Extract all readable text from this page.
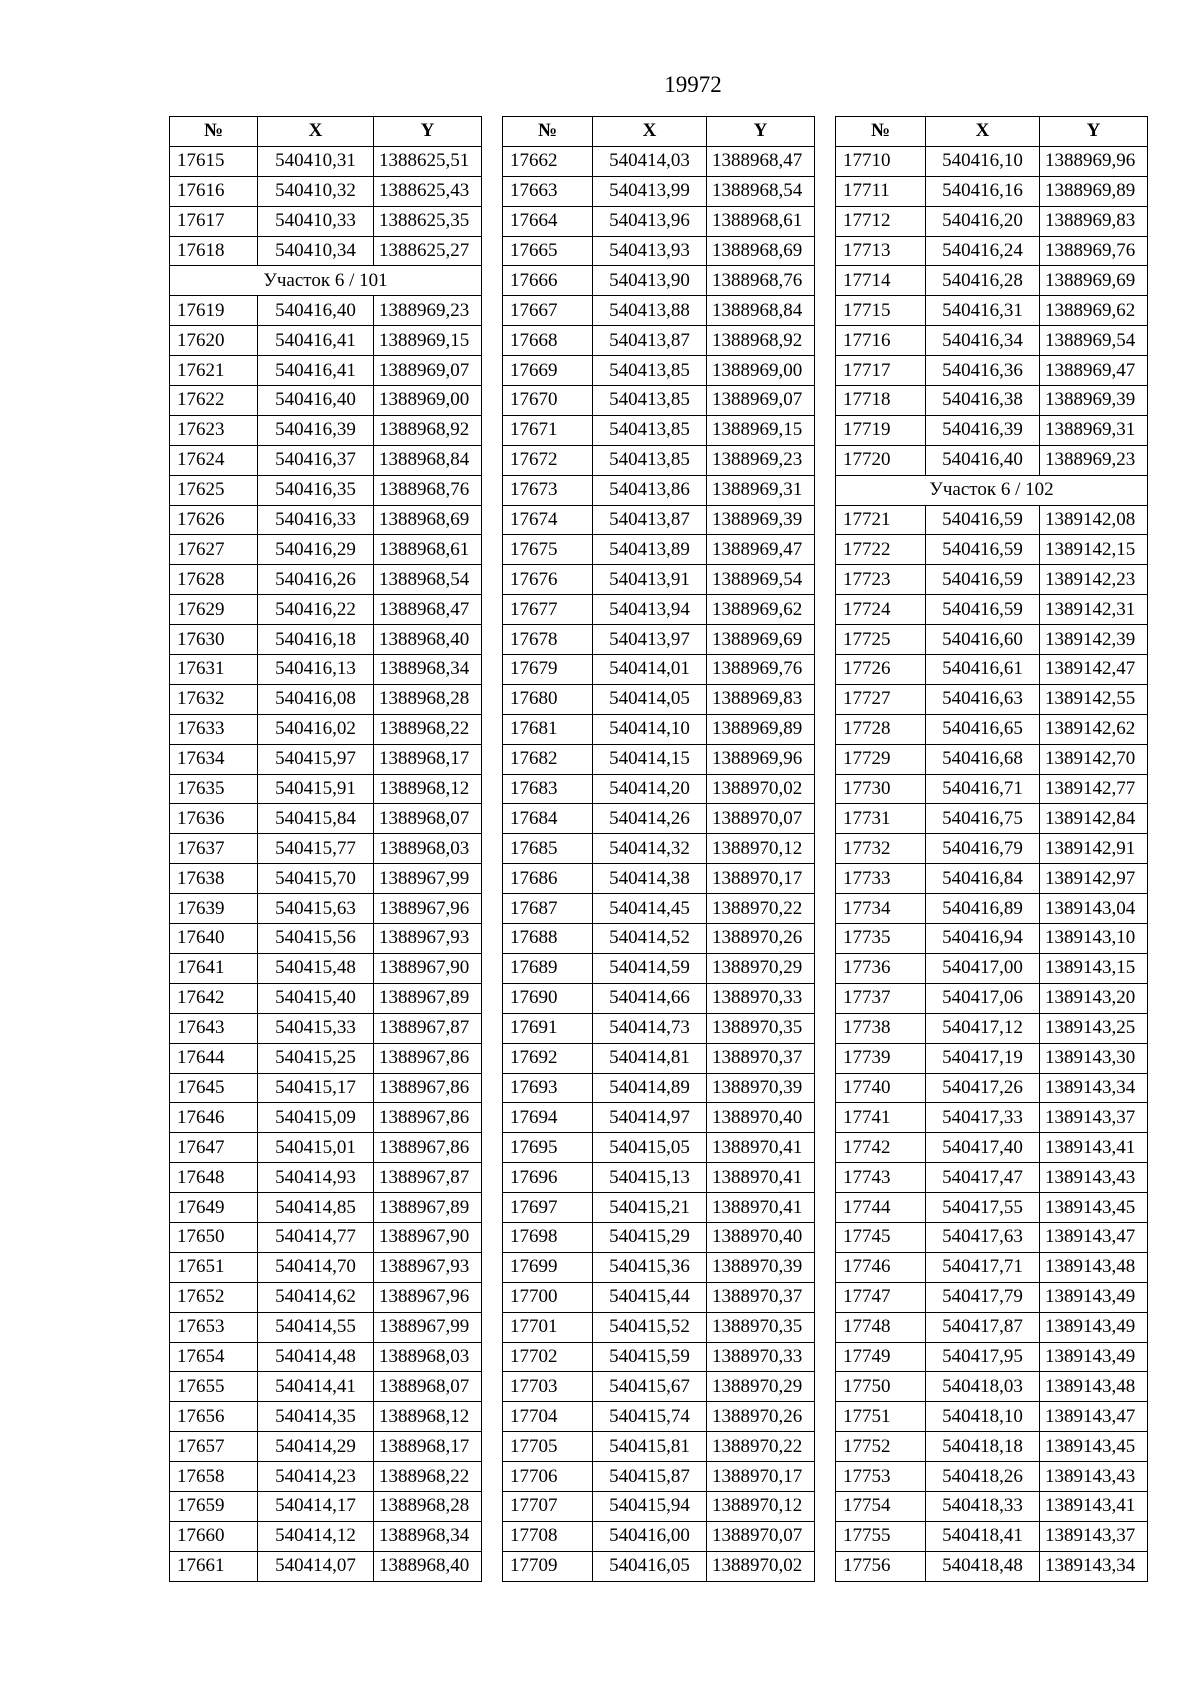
19972
№	X	Y
17615	540410,31	1388625,51
17616	540410,32	1388625,43
17617	540410,33	1388625,35
17618	540410,34	1388625,27
Участок 6 / 101		
17619	540416,40	1388969,23
17620	540416,41	1388969,15
17621	540416,41	1388969,07
17622	540416,40	1388969,00
17623	540416,39	1388968,92
17624	540416,37	1388968,84
17625	540416,35	1388968,76
17626	540416,33	1388968,69
17627	540416,29	1388968,61
17628	540416,26	1388968,54
17629	540416,22	1388968,47
17630	540416,18	1388968,40
17631	540416,13	1388968,34
17632	540416,08	1388968,28
17633	540416,02	1388968,22
17634	540415,97	1388968,17
17635	540415,91	1388968,12
17636	540415,84	1388968,07
17637	540415,77	1388968,03
17638	540415,70	1388967,99
17639	540415,63	1388967,96
17640	540415,56	1388967,93
17641	540415,48	1388967,90
17642	540415,40	1388967,89
17643	540415,33	1388967,87
17644	540415,25	1388967,86
17645	540415,17	1388967,86
17646	540415,09	1388967,86
17647	540415,01	1388967,86
17648	540414,93	1388967,87
17649	540414,85	1388967,89
17650	540414,77	1388967,90
17651	540414,70	1388967,93
17652	540414,62	1388967,96
17653	540414,55	1388967,99
17654	540414,48	1388968,03
17655	540414,41	1388968,07
17656	540414,35	1388968,12
17657	540414,29	1388968,17
17658	540414,23	1388968,22
17659	540414,17	1388968,28
17660	540414,12	1388968,34
17661	540414,07	1388968,40
№	X	Y
17662	540414,03	1388968,47
17663	540413,99	1388968,54
17664	540413,96	1388968,61
17665	540413,93	1388968,69
17666	540413,90	1388968,76
17667	540413,88	1388968,84
17668	540413,87	1388968,92
17669	540413,85	1388969,00
17670	540413,85	1388969,07
17671	540413,85	1388969,15
17672	540413,85	1388969,23
17673	540413,86	1388969,31
17674	540413,87	1388969,39
17675	540413,89	1388969,47
17676	540413,91	1388969,54
17677	540413,94	1388969,62
17678	540413,97	1388969,69
17679	540414,01	1388969,76
17680	540414,05	1388969,83
17681	540414,10	1388969,89
17682	540414,15	1388969,96
17683	540414,20	1388970,02
17684	540414,26	1388970,07
17685	540414,32	1388970,12
17686	540414,38	1388970,17
17687	540414,45	1388970,22
17688	540414,52	1388970,26
17689	540414,59	1388970,29
17690	540414,66	1388970,33
17691	540414,73	1388970,35
17692	540414,81	1388970,37
17693	540414,89	1388970,39
17694	540414,97	1388970,40
17695	540415,05	1388970,41
17696	540415,13	1388970,41
17697	540415,21	1388970,41
17698	540415,29	1388970,40
17699	540415,36	1388970,39
17700	540415,44	1388970,37
17701	540415,52	1388970,35
17702	540415,59	1388970,33
17703	540415,67	1388970,29
17704	540415,74	1388970,26
17705	540415,81	1388970,22
17706	540415,87	1388970,17
17707	540415,94	1388970,12
17708	540416,00	1388970,07
17709	540416,05	1388970,02
№	X	Y
17710	540416,10	1388969,96
17711	540416,16	1388969,89
17712	540416,20	1388969,83
17713	540416,24	1388969,76
17714	540416,28	1388969,69
17715	540416,31	1388969,62
17716	540416,34	1388969,54
17717	540416,36	1388969,47
17718	540416,38	1388969,39
17719	540416,39	1388969,31
17720	540416,40	1388969,23
Участок 6 / 102		
17721	540416,59	1389142,08
17722	540416,59	1389142,15
17723	540416,59	1389142,23
17724	540416,59	1389142,31
17725	540416,60	1389142,39
17726	540416,61	1389142,47
17727	540416,63	1389142,55
17728	540416,65	1389142,62
17729	540416,68	1389142,70
17730	540416,71	1389142,77
17731	540416,75	1389142,84
17732	540416,79	1389142,91
17733	540416,84	1389142,97
17734	540416,89	1389143,04
17735	540416,94	1389143,10
17736	540417,00	1389143,15
17737	540417,06	1389143,20
17738	540417,12	1389143,25
17739	540417,19	1389143,30
17740	540417,26	1389143,34
17741	540417,33	1389143,37
17742	540417,40	1389143,41
17743	540417,47	1389143,43
17744	540417,55	1389143,45
17745	540417,63	1389143,47
17746	540417,71	1389143,48
17747	540417,79	1389143,49
17748	540417,87	1389143,49
17749	540417,95	1389143,49
17750	540418,03	1389143,48
17751	540418,10	1389143,47
17752	540418,18	1389143,45
17753	540418,26	1389143,43
17754	540418,33	1389143,41
17755	540418,41	1389143,37
17756	540418,48	1389143,34
